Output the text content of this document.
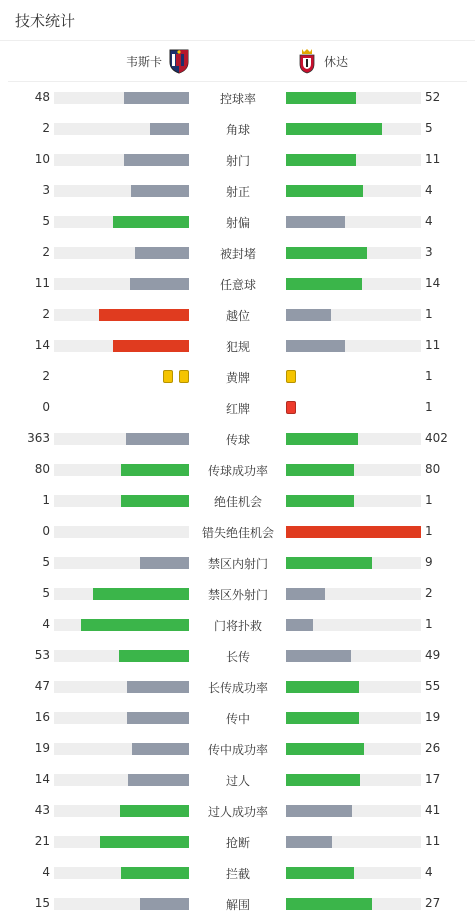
技术统计
韦斯卡	休达
48	控球率	52
2	角球	5
10	射门	11
3	射正	4
5	射偏	4
2	被封堵	3
11	任意球	14
2	越位	1
14	犯规	11
2	黄牌	1
0	红牌	1
363	传球	402
80	传球成功率	80
1	绝佳机会	1
0	错失绝佳机会	1
5	禁区内射门	9
5	禁区外射门	2
4	门将扑救	1
53	长传	49
47	长传成功率	55
16	传中	19
19	传中成功率	26
14	过人	17
43	过人成功率	41
21	抢断	11
4	拦截	4
15	解围	27
